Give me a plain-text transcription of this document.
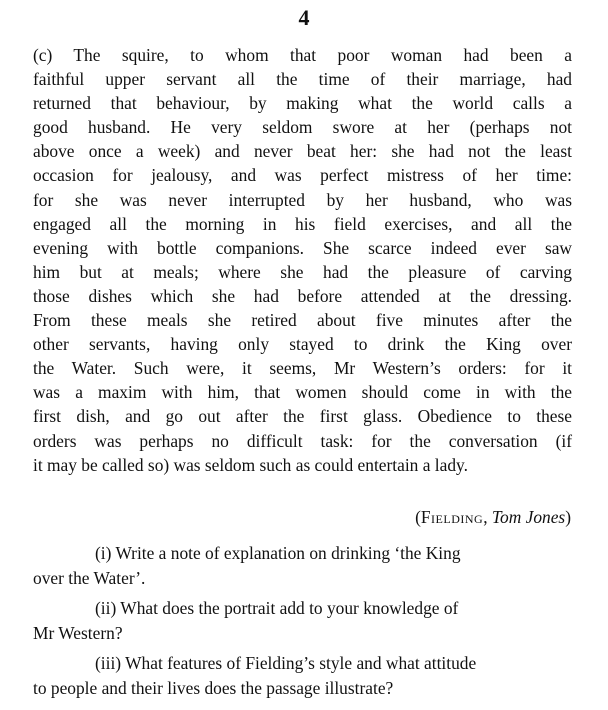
4
(c) The squire, to whom that poor woman had been a
faithful upper servant all the time of their marriage, had
returned that behaviour, by making what the world calls a
good husband. He very seldom swore at her (perhaps not
above once a week) and never beat her: she had not the least
occasion for jealousy, and was perfect mistress of her time:
for she was never interrupted by her husband, who was
engaged all the morning in his field exercises, and all the
evening with bottle companions. She scarce indeed ever saw
him but at meals; where she had the pleasure of carving
those dishes which she had before attended at the dressing.
From these meals she retired about five minutes after the
other servants, having only stayed to drink the King over
the Water. Such were, it seems, Mr Western’s orders: for it
was a maxim with him, that women should come in with the
first dish, and go out after the first glass. Obedience to these
orders was perhaps no difficult task: for the conversation (if
it may be called so) was seldom such as could entertain a lady.
(Fielding, Tom Jones)
(i) Write a note of explanation on drinking ‘the King
over the Water’.
(ii) What does the portrait add to your knowledge of
Mr Western?
(iii) What features of Fielding’s style and what attitude
to people and their lives does the passage illustrate?
